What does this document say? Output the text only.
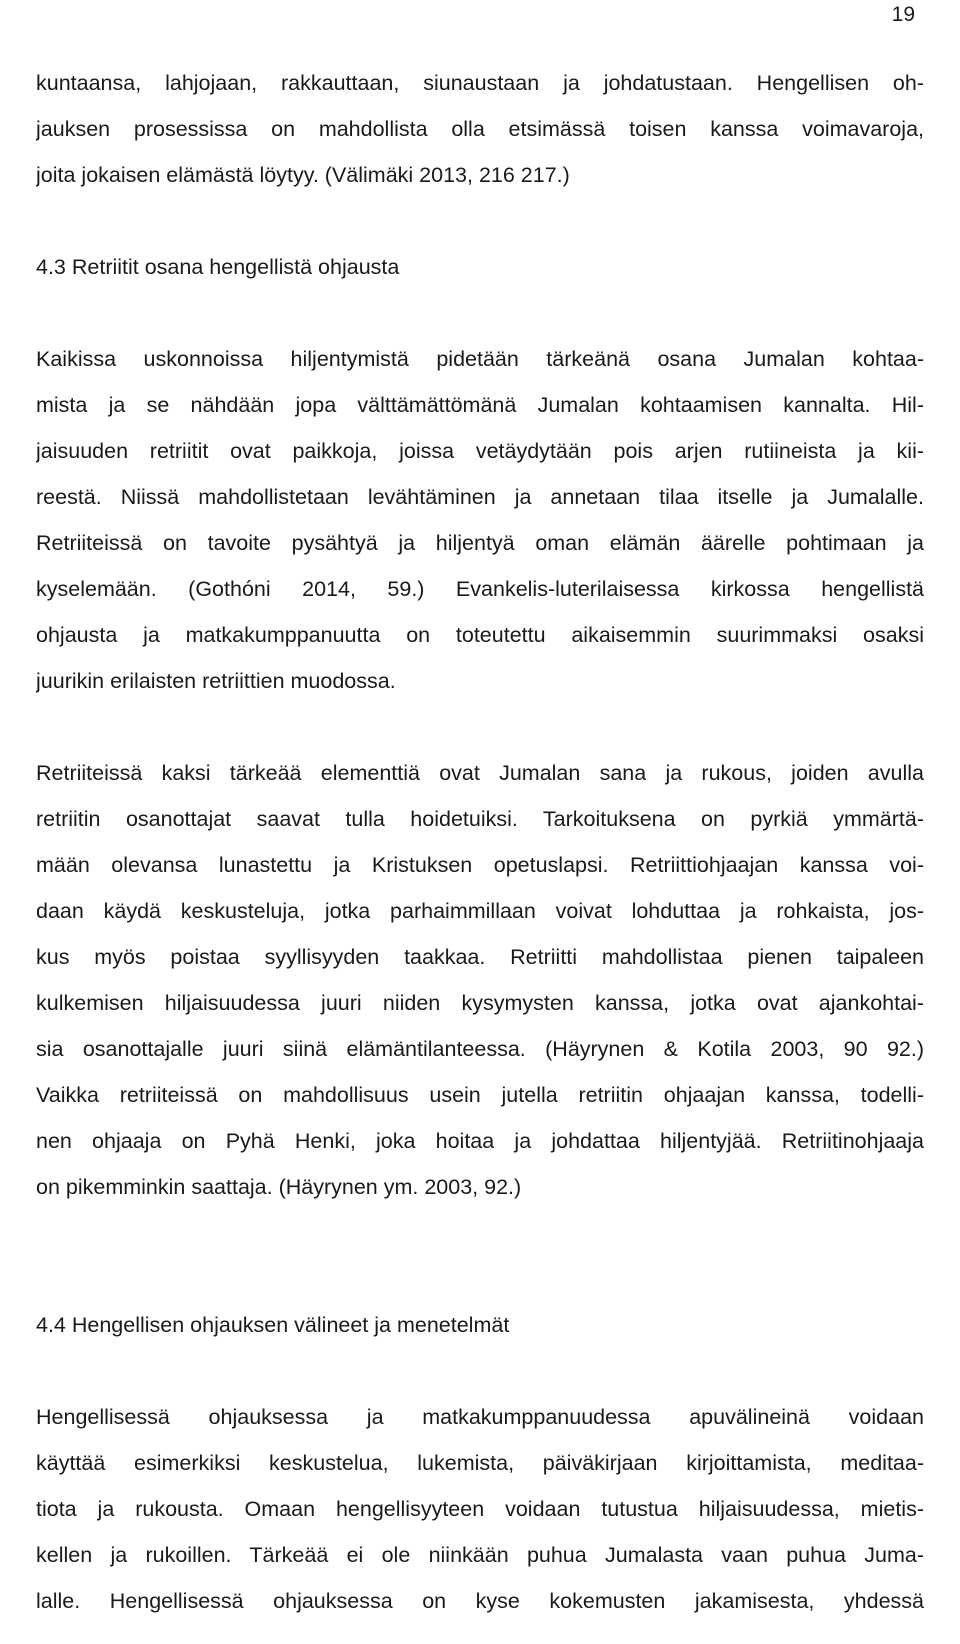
19
kuntaansa, lahjojaan, rakkauttaan, siunaustaan ja johdatustaan. Hengellisen oh-
jauksen prosessissa on mahdollista olla etsimässä toisen kanssa voimavaroja,
joita jokaisen elämästä löytyy. (Välimäki 2013, 216 217.)
4.3 Retriitit osana hengellistä ohjausta
Kaikissa uskonnoissa hiljentymistä pidetään tärkeänä osana Jumalan kohtaa-
mista ja se nähdään jopa välttämättömänä Jumalan kohtaamisen kannalta. Hil-
jaisuuden retriitit ovat paikkoja, joissa vetäydytään pois arjen rutiineista ja kii-
reestä. Niissä mahdollistetaan levähtäminen ja annetaan tilaa itselle ja Jumalalle.
Retriiteissä on tavoite pysähtyä ja hiljentyä oman elämän äärelle pohtimaan ja
kyselemään. (Gothóni 2014, 59.) Evankelis-luterilaisessa kirkossa hengellistä
ohjausta ja matkakumppanuutta on toteutettu aikaisemmin suurimmaksi osaksi
juurikin erilaisten retriittien muodossa.
Retriiteissä kaksi tärkeää elementtiä ovat Jumalan sana ja rukous, joiden avulla
retriitin osanottajat saavat tulla hoidetuiksi. Tarkoituksena on pyrkiä ymmärtä-
mään olevansa lunastettu ja Kristuksen opetuslapsi. Retriittiohjaajan kanssa voi-
daan käydä keskusteluja, jotka parhaimmillaan voivat lohduttaa ja rohkaista, jos-
kus myös poistaa syyllisyyden taakkaa. Retriitti mahdollistaa pienen taipaleen
kulkemisen hiljaisuudessa juuri niiden kysymysten kanssa, jotka ovat ajankohtai-
sia osanottajalle juuri siinä elämäntilanteessa. (Häyrynen & Kotila 2003, 90 92.)
Vaikka retriiteissä on mahdollisuus usein jutella retriitin ohjaajan kanssa, todelli-
nen ohjaaja on Pyhä Henki, joka hoitaa ja johdattaa hiljentyjää. Retriitinohjaaja
on pikemminkin saattaja. (Häyrynen ym. 2003, 92.)
4.4 Hengellisen ohjauksen välineet ja menetelmät
Hengellisessä ohjauksessa ja matkakumppanuudessa apuvälineinä voidaan
käyttää esimerkiksi keskustelua, lukemista, päiväkirjaan kirjoittamista, meditaa-
tiota ja rukousta. Omaan hengellisyyteen voidaan tutustua hiljaisuudessa, mietis-
kellen ja rukoillen. Tärkeää ei ole niinkään puhua Jumalasta vaan puhua Juma-
lalle. Hengellisessä ohjauksessa on kyse kokemusten jakamisesta, yhdessä
